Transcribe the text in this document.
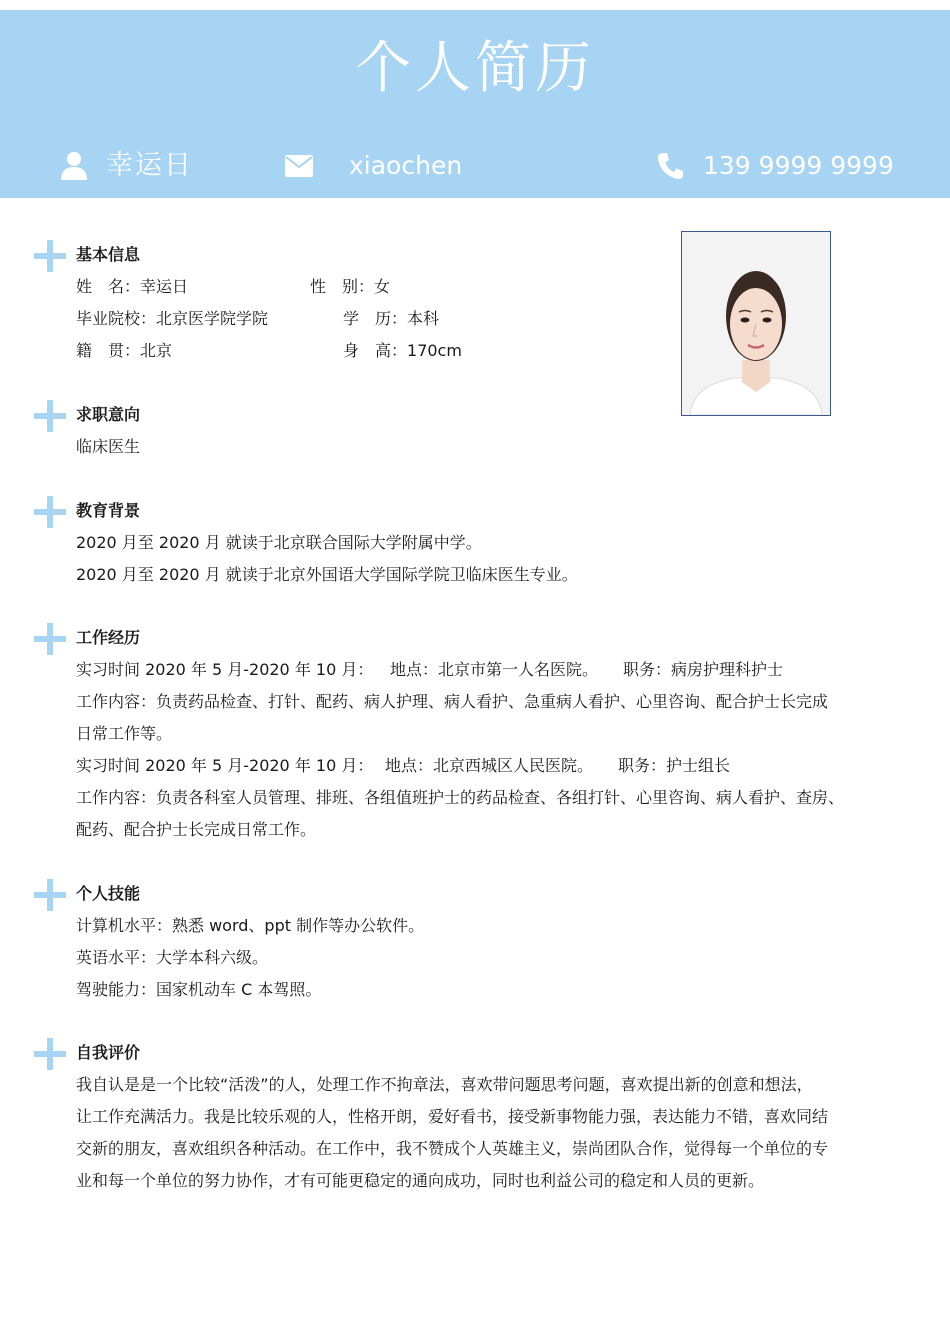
个人简历
幸运日	xiaochen	139 9999 9999
基本信息
姓　名：幸运日	性　别：女
毕业院校：北京医学院学院	学　历：本科
籍　贯：北京	身　高：170cm
求职意向
临床医生
教育背景
2020 月至 2020 月 就读于北京联合国际大学附属中学。
2020 月至 2020 月 就读于北京外国语大学国际学院卫临床医生专业。
工作经历
实习时间 2020 年 5 月-2020 年 10 月： 地点：北京市第一人名医院。 职务：病房护理科护士
工作内容：负责药品检查、打针、配药、病人护理、病人看护、急重病人看护、心里咨询、配合护士长完成
日常工作等。
实习时间 2020 年 5 月-2020 年 10 月： 地点：北京西城区人民医院。 职务：护士组长
工作内容：负责各科室人员管理、排班、各组值班护士的药品检查、各组打针、心里咨询、病人看护、查房、
配药、配合护士长完成日常工作。
个人技能
计算机水平：熟悉 word、ppt 制作等办公软件。
英语水平：大学本科六级。
驾驶能力：国家机动车 C 本驾照。
自我评价
我自认是是一个比较“活泼”的人，处理工作不拘章法，喜欢带问题思考问题，喜欢提出新的创意和想法，
让工作充满活力。我是比较乐观的人，性格开朗，爱好看书，接受新事物能力强，表达能力不错，喜欢同结
交新的朋友，喜欢组织各种活动。在工作中，我不赞成个人英雄主义，崇尚团队合作，觉得每一个单位的专
业和每一个单位的努力协作，才有可能更稳定的通向成功，同时也利益公司的稳定和人员的更新。
